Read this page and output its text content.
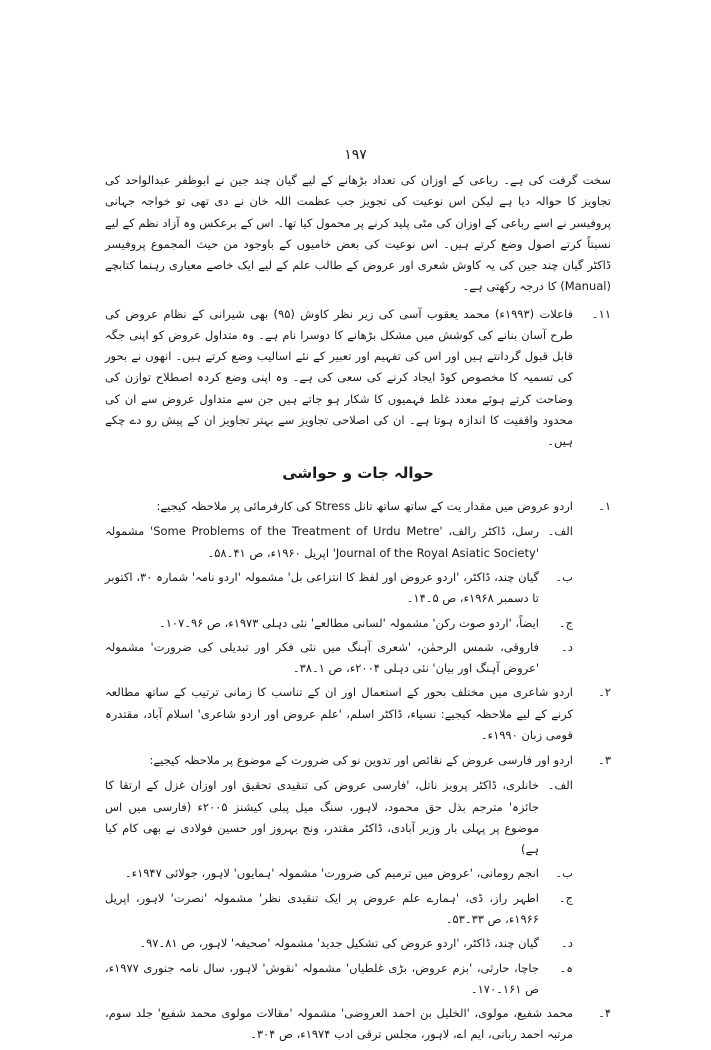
۱۹۷

سخت گرفت کی ہے۔ رباعی کے اوزان کی تعداد بڑھانے کے لیے گیان چند جین نے ابوظفر عبدالواحد کی تجاویز کا حوالہ دیا ہے لیکن اس نوعیت کی تجویز جب عظمت اللہ خان نے دی تھی تو خواجہ جہانی پروفیسر نے اسے رباعی کے اوزان کی مٹی پلید کرنے پر محمول کیا تھا۔ اس کے برعکس وہ آزاد نظم کے لیے نسبتاً کرتے اصول وضع کرتے ہیں۔ اس نوعیت کی بعض خامیوں کے باوجود من حیث المجموع پروفیسر ڈاکٹر گیان چند جین کی یہ کاوش شعری اور عروض کے طالب علم کے لیے ایک خاصے معیاری رہنما کتابچے (Manual) کا درجہ رکھتی ہے۔

۱۱۔
فاعلات (۱۹۹۳ء) محمد یعقوب آسی کی زیر نظر کاوش (۹۵) بھی شیرانی کے نظام عروض کی طرح آسان بنانے کی کوشش میں مشکل بڑھانے کا دوسرا نام ہے۔ وہ متداول عروض کو اپنی جگہ قابل قبول گردانتے ہیں اور اس کی تفہیم اور تعبیر کے نئے اسالیب وضع کرتے ہیں۔ انھوں نے بحور کی تسمیہ کا مخصوص کوڈ ایجاد کرنے کی سعی کی ہے۔ وہ اپنی وضع کردہ اصطلاح توازن کی وضاحت کرتے ہوئے معدد غلط فہمیوں کا شکار ہو جاتے ہیں جن سے متداول عروض سے ان کی محدود واقفیت کا اندازہ ہوتا ہے۔ ان کی اصلاحی تجاویز سے بہتر تجاویز ان کے پیش رو دے چکے ہیں۔
حوالہ جات و حواشی
۱۔
اردو عروض میں مقدار یت کے ساتھ ساتھ تانل Stress کی کارفرمائی پر ملاحظہ کیجیے:
الف۔
رسل، ڈاکٹر رالف، 'Some Problems of the Treatment of Urdu Metre' مشمولہ 'Journal of the Royal Asiatic Society' اپریل ۱۹۶۰ء، ص ۴۱۔۵۸۔
ب۔
گیان چند، ڈاکٹر، 'اردو عروض اور لفظ کا انتزاعی بل' مشمولہ 'اردو نامہ' شمارہ ۳۰، اکتوبر تا دسمبر ۱۹۶۸ء، ص ۵۔۱۴۔
ج۔
ایضاً، 'اردو صوت رکن' مشمولہ 'لسانی مطالعے' نئی دہلی ۱۹۷۳ء، ص ۹۶۔۱۰۷۔
د۔
فاروقی، شمس الرحمٰن، 'شعری آہنگ میں نئی فکر اور تبدیلی کی ضرورت' مشمولہ 'عروض آہنگ اور بیان' نئی دہلی ۲۰۰۴ء، ص ۱۔۳۸۔
۲۔
اردو شاعری میں مختلف بحور کے استعمال اور ان کے تناسب کا زمانی ترتیب کے ساتھ مطالعہ کرنے کے لیے ملاحظہ کیجیے: نسیاء، ڈاکٹر اسلم، 'علم عروض اور اردو شاعری' اسلام آباد، مقتدرہ قومی زبان ۱۹۹۰ء۔
۳۔
اردو اور فارسی عروض کے نقائص اور تدوین نو کی ضرورت کے موضوع پر ملاحظہ کیجیے:
الف۔
خانلری، ڈاکٹر پرویز ناتل، 'فارسی عروض کی تنقیدی تحقیق اور اوزان غزل کے ارتقا کا جائزہ' مترجم بذل حق محمود، لاہور، سنگ میل پبلی کیشنز ۲۰۰۵ء (فارسی میں اس موضوع پر پہلی بار وزیر آبادی، ڈاکٹر مقتدر، ونج بہروز اور حسین فولادی نے بھی کام کیا ہے)
ب۔
انجم رومانی، 'عروض میں ترمیم کی ضرورت' مشمولہ 'ہمایوں' لاہور، جولائی ۱۹۴۷ء۔
ج۔
اطہر راز، ڈی، 'ہمارے علم عروض پر ایک تنقیدی نظر' مشمولہ 'نصرت' لاہور، اپریل ۱۹۶۶ء، ص ۳۳۔۵۳۔
د۔
گیان چند، ڈاکٹر، 'اردو عروض کی تشکیل جدید' مشمولہ 'صحیفہ' لاہور، ص ۸۱۔۹۷۔
ہ۔
جاچا، حارثی، 'بزم عروض، بڑی غلطیاں' مشمولہ 'نقوش' لاہور، سال نامہ جنوری ۱۹۷۷ء، ص ۱۶۱۔۱۷۰۔
۴۔
محمد شفیع، مولوی، 'الخلیل بن احمد العروضی' مشمولہ 'مقالات مولوی محمد شفیع' جلد سوم، مرتبہ احمد ربانی، ایم اے، لاہور، مجلس ترقی ادب ۱۹۷۴ء، ص ۳۰۴۔
